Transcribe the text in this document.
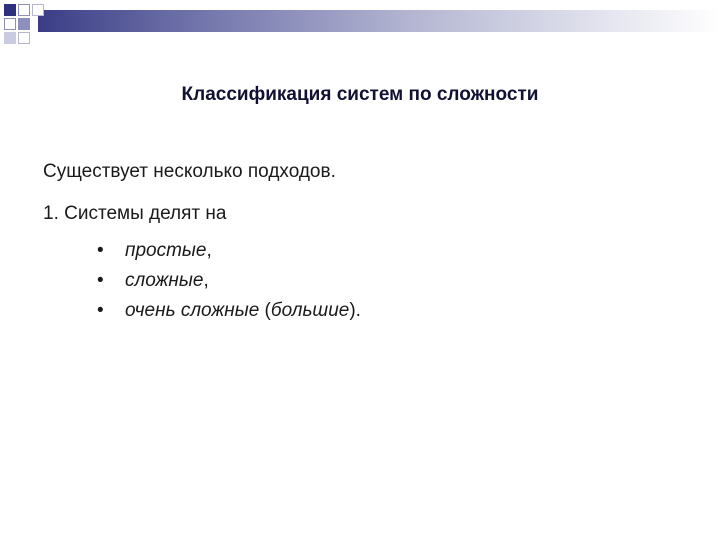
Классификация систем по сложности
Существует несколько подходов.
1. Системы делят на
• простые,
• сложные,
• очень сложные (большие).
